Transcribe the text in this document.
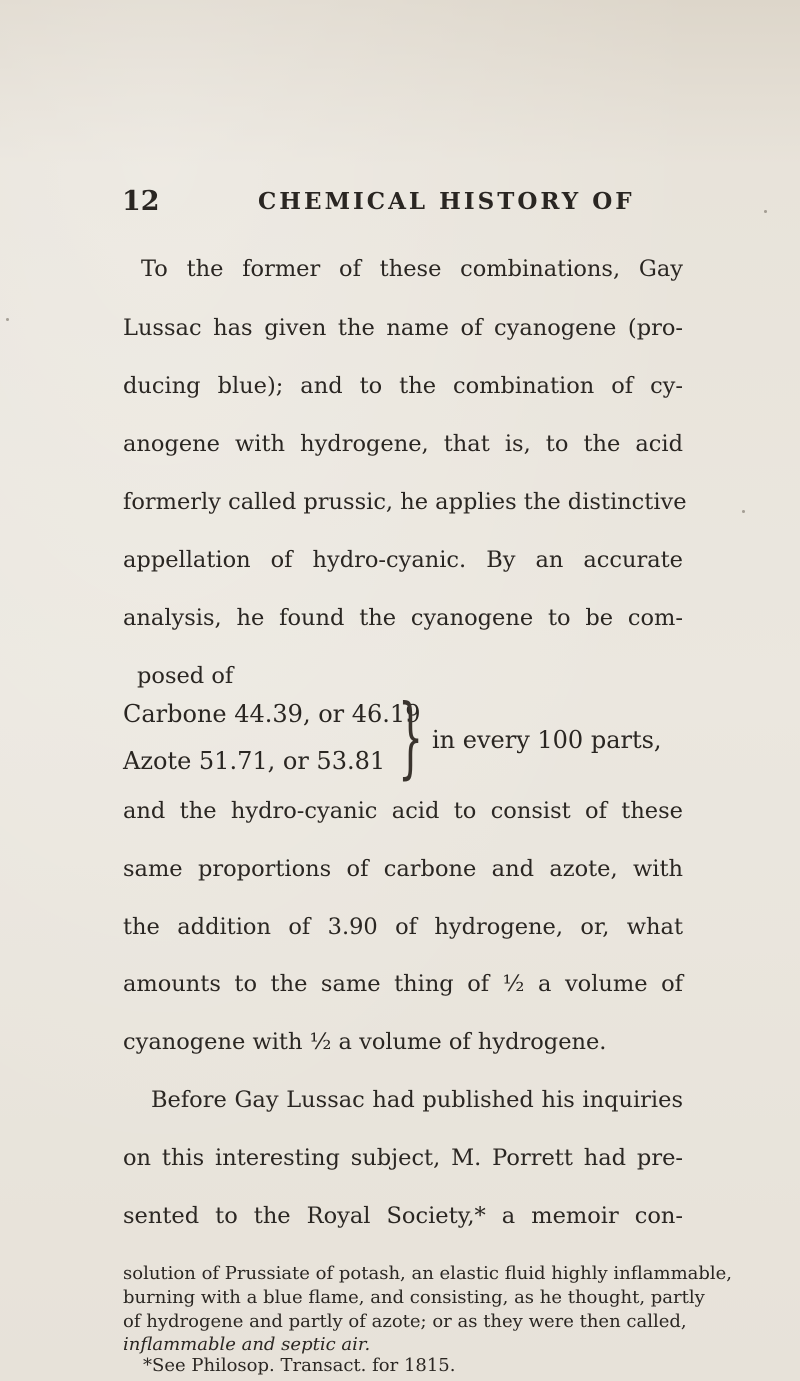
12	CHEMICAL HISTORY OF
To the former of these combinations, Gay
Lussac has given the name of cyanogene (pro-
ducing blue); and to the combination of cy-
anogene with hydrogene, that is, to the acid
formerly called prussic, he applies the distinctive
appellation of hydro-cyanic. By an accurate
analysis, he found the cyanogene to be com-
posed of
Carbone 44.39, or 46.19
Azote 51.71, or 53.81 } in every 100 parts,
and the hydro-cyanic acid to consist of these
same proportions of carbone and azote, with
the addition of 3.90 of hydrogene, or, what
amounts to the same thing of ½ a volume of
cyanogene with ½ a volume of hydrogene.
Before Gay Lussac had published his inquiries
on this interesting subject, M. Porrett had pre-
sented to the Royal Society,* a memoir con-
solution of Prussiate of potash, an elastic fluid highly inflammable,
burning with a blue flame, and consisting, as he thought, partly
of hydrogene and partly of azote; or as they were then called,
inflammable and septic air.
*See Philosop. Transact. for 1815.
